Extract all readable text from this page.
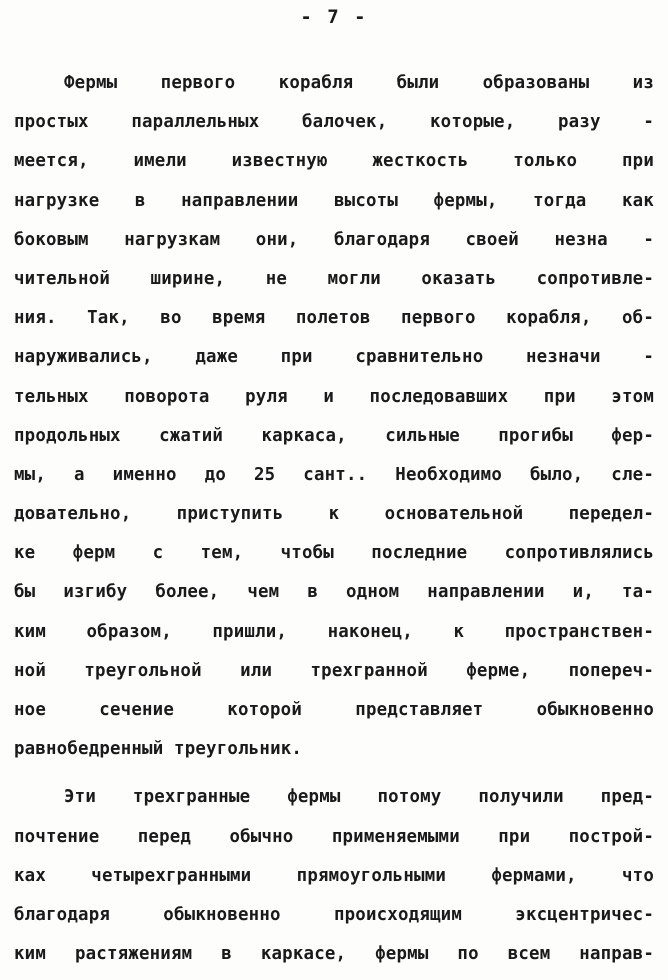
- 7 -
Фермы первого корабля были образованы из
простых параллельных балочек, которые, разу -
меется, имели известную жесткость только при
нагрузке в направлении высоты фермы, тогда как
боковым нагрузкам они, благодаря своей незна -
чительной ширине, не могли оказать сопротивле-
ния. Так, во время полетов первого корабля, об-
наруживались, даже при сравнительно незначи -
тельных поворота руля и последовавших при этом
продольных сжатий каркаса, сильные прогибы фер-
мы, а именно до 25 сант.. Необходимо было, сле-
довательно, приступить к основательной передел-
ке ферм с тем, чтобы последние сопротивлялись
бы изгибу более, чем в одном направлении и, та-
ким образом, пришли, наконец, к пространствен-
ной треугольной или трехгранной ферме, попереч-
ное сечение которой представляет обыкновенно
равнобедренный треугольник.
Эти трехгранные фермы потому получили пред-
почтение перед обычно применяемыми при построй-
ках четырехгранными прямоугольными фермами, что
благодаря обыкновенно происходящим эксцентричес-
ким растяжениям в каркасе, фермы по всем направ-
